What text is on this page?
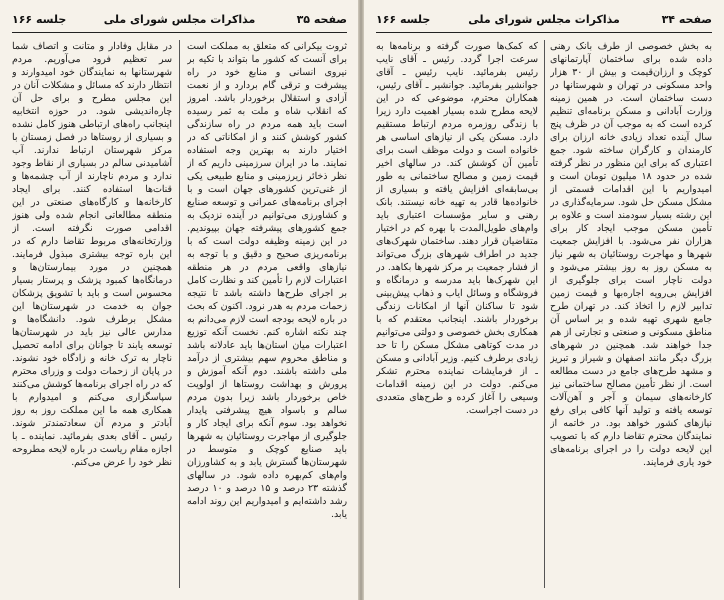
صفحه ۳۵
مذاکرات مجلس شورای ملی
جلسه ۱۶۶

ثروت بیکرانی که متعلق به مملکت است برای آنست که کشور ما بتواند با تکیه بر نیروی انسانی و منابع خود در راه پیشرفت و ترقی گام بردارد و از نعمت آزادی و استقلال برخوردار باشد. امروز که انقلاب شاه و ملت به ثمر رسیده است باید همه مردم در راه سازندگی کشور کوشش کنند و از امکاناتی که در اختیار دارند به بهترین وجه استفاده نمایند. ما در ایران سرزمینی داریم که از نظر ذخائر زیرزمینی و منابع طبیعی یکی از غنی‌ترین کشورهای جهان است و با اجرای برنامه‌های عمرانی و توسعه صنایع و کشاورزی می‌توانیم در آینده نزدیک به جمع کشورهای پیشرفته جهان بپیوندیم. در این زمینه وظیفه دولت است که با برنامه‌ریزی صحیح و دقیق و با توجه به نیازهای واقعی مردم در هر منطقه اعتبارات لازم را تأمین کند و نظارت کامل بر اجرای طرح‌ها داشته باشد تا نتیجه زحمات مردم به هدر نرود. اکنون که بحث در باره لایحه بودجه است لازم می‌دانم به چند نکته اشاره کنم. نخست آنکه توزیع اعتبارات میان استان‌ها باید عادلانه باشد و مناطق محروم سهم بیشتری از درآمد ملی داشته باشند. دوم آنکه آموزش و پرورش و بهداشت روستاها از اولویت خاص برخوردار باشد زیرا بدون مردم سالم و باسواد هیچ پیشرفتی پایدار نخواهد بود. سوم آنکه برای ایجاد کار و جلوگیری از مهاجرت روستائیان به شهرها باید صنایع کوچک و متوسط در شهرستان‌ها گسترش یابد و به کشاورزان وام‌های کم‌بهره داده شود. در سالهای گذشته ۲۳ درصد و ۱۵ درصد و ۱۰ درصد رشد داشته‌ایم و امیدواریم این روند ادامه یابد.

در مقابل وفادار و متانت و اتصاف شما سر تعظیم فرود می‌آوریم. مردم شهرستانها به نمایندگان خود امیدوارند و انتظار دارند که مسائل و مشکلات آنان در این مجلس مطرح و برای حل آن چاره‌اندیشی شود. در حوزه انتخابیه اینجانب راه‌های ارتباطی هنوز کامل نشده و بسیاری از روستاها در فصل زمستان با مرکز شهرستان ارتباط ندارند. آب آشامیدنی سالم در بسیاری از نقاط وجود ندارد و مردم ناچارند از آب چشمه‌ها و قنات‌ها استفاده کنند. برای ایجاد کارخانه‌ها و کارگاه‌های صنعتی در این منطقه مطالعاتی انجام شده ولی هنوز اقدامی صورت نگرفته است. از وزارتخانه‌های مربوط تقاضا دارم که در این باره توجه بیشتری مبذول فرمایند. همچنین در مورد بیمارستان‌ها و درمانگاه‌ها کمبود پزشک و پرستار بسیار محسوس است و باید با تشویق پزشکان جوان به خدمت در شهرستان‌ها این مشکل برطرف شود. دانشگاه‌ها و مدارس عالی نیز باید در شهرستان‌ها توسعه یابند تا جوانان برای ادامه تحصیل ناچار به ترک خانه و زادگاه خود نشوند. در پایان از زحمات دولت و وزرای محترم که در راه اجرای برنامه‌ها کوشش می‌کنند سپاسگزاری می‌کنم و امیدوارم با همکاری همه ما این مملکت روز به روز آبادتر و مردم آن سعادتمندتر شوند. رئیس ـ آقای بعدی بفرمائید. نماینده ـ با اجازه مقام ریاست در باره لایحه مطروحه نظر خود را عرض می‌کنم.

صفحه ۳۴
مذاکرات مجلس شورای ملی
جلسه ۱۶۶

به بخش خصوصی از طرف بانک رهنی داده شده برای ساختمان آپارتمانهای کوچک و ارزان‌قیمت و بیش از ۳۰ هزار واحد مسکونی در تهران و شهرستانها در دست ساختمان است. در همین زمینه وزارت آبادانی و مسکن برنامه‌ای تنظیم کرده است که به موجب آن در ظرف پنج سال آینده تعداد زیادی خانه ارزان برای کارمندان و کارگران ساخته شود. جمع اعتباری که برای این منظور در نظر گرفته شده در حدود ۱۸ میلیون تومان است و امیدواریم با این اقدامات قسمتی از مشکل مسکن حل شود. سرمایه‌گذاری در این رشته بسیار سودمند است و علاوه بر تأمین مسکن موجب ایجاد کار برای هزاران نفر می‌شود. با افزایش جمعیت شهرها و مهاجرت روستائیان به شهر نیاز به مسکن روز به روز بیشتر می‌شود و دولت ناچار است برای جلوگیری از افزایش بی‌رویه اجاره‌بها و قیمت زمین تدابیر لازم را اتخاذ کند. در تهران طرح جامع شهری تهیه شده و بر اساس آن مناطق مسکونی و صنعتی و تجارتی از هم جدا خواهند شد. همچنین در شهرهای بزرگ دیگر مانند اصفهان و شیراز و تبریز و مشهد طرح‌های جامع در دست مطالعه است. از نظر تأمین مصالح ساختمانی نیز کارخانه‌های سیمان و آجر و آهن‌آلات توسعه یافته و تولید آنها کافی برای رفع نیازهای کشور خواهد بود. در خاتمه از نمایندگان محترم تقاضا دارم که با تصویب این لایحه دولت را در اجرای برنامه‌های خود یاری فرمایند.

که کمک‌ها صورت گرفته و برنامه‌ها به سرعت اجرا گردد. رئیس ـ آقای نایب رئیس بفرمائید. نایب رئیس ـ آقای جوانشیر بفرمائید. جوانشیر ـ آقای رئیس، همکاران محترم، موضوعی که در این لایحه مطرح شده بسیار اهمیت دارد زیرا با زندگی روزمره مردم ارتباط مستقیم دارد. مسکن یکی از نیازهای اساسی هر خانواده است و دولت موظف است برای تأمین آن کوشش کند. در سالهای اخیر قیمت زمین و مصالح ساختمانی به طور بی‌سابقه‌ای افزایش یافته و بسیاری از خانواده‌ها قادر به تهیه خانه نیستند. بانک رهنی و سایر مؤسسات اعتباری باید وام‌های طویل‌المدت با بهره کم در اختیار متقاضیان قرار دهند. ساختمان شهرک‌های جدید در اطراف شهرهای بزرگ می‌تواند از فشار جمعیت بر مرکز شهرها بکاهد. در این شهرک‌ها باید مدرسه و درمانگاه و فروشگاه و وسائل ایاب و ذهاب پیش‌بینی شود تا ساکنان آنها از امکانات زندگی برخوردار باشند. اینجانب معتقدم که با همکاری بخش خصوصی و دولتی می‌توانیم در مدت کوتاهی مشکل مسکن را تا حد زیادی برطرف کنیم. وزیر آبادانی و مسکن ـ از فرمایشات نماینده محترم تشکر می‌کنم. دولت در این زمینه اقدامات وسیعی را آغاز کرده و طرح‌های متعددی در دست اجراست.
